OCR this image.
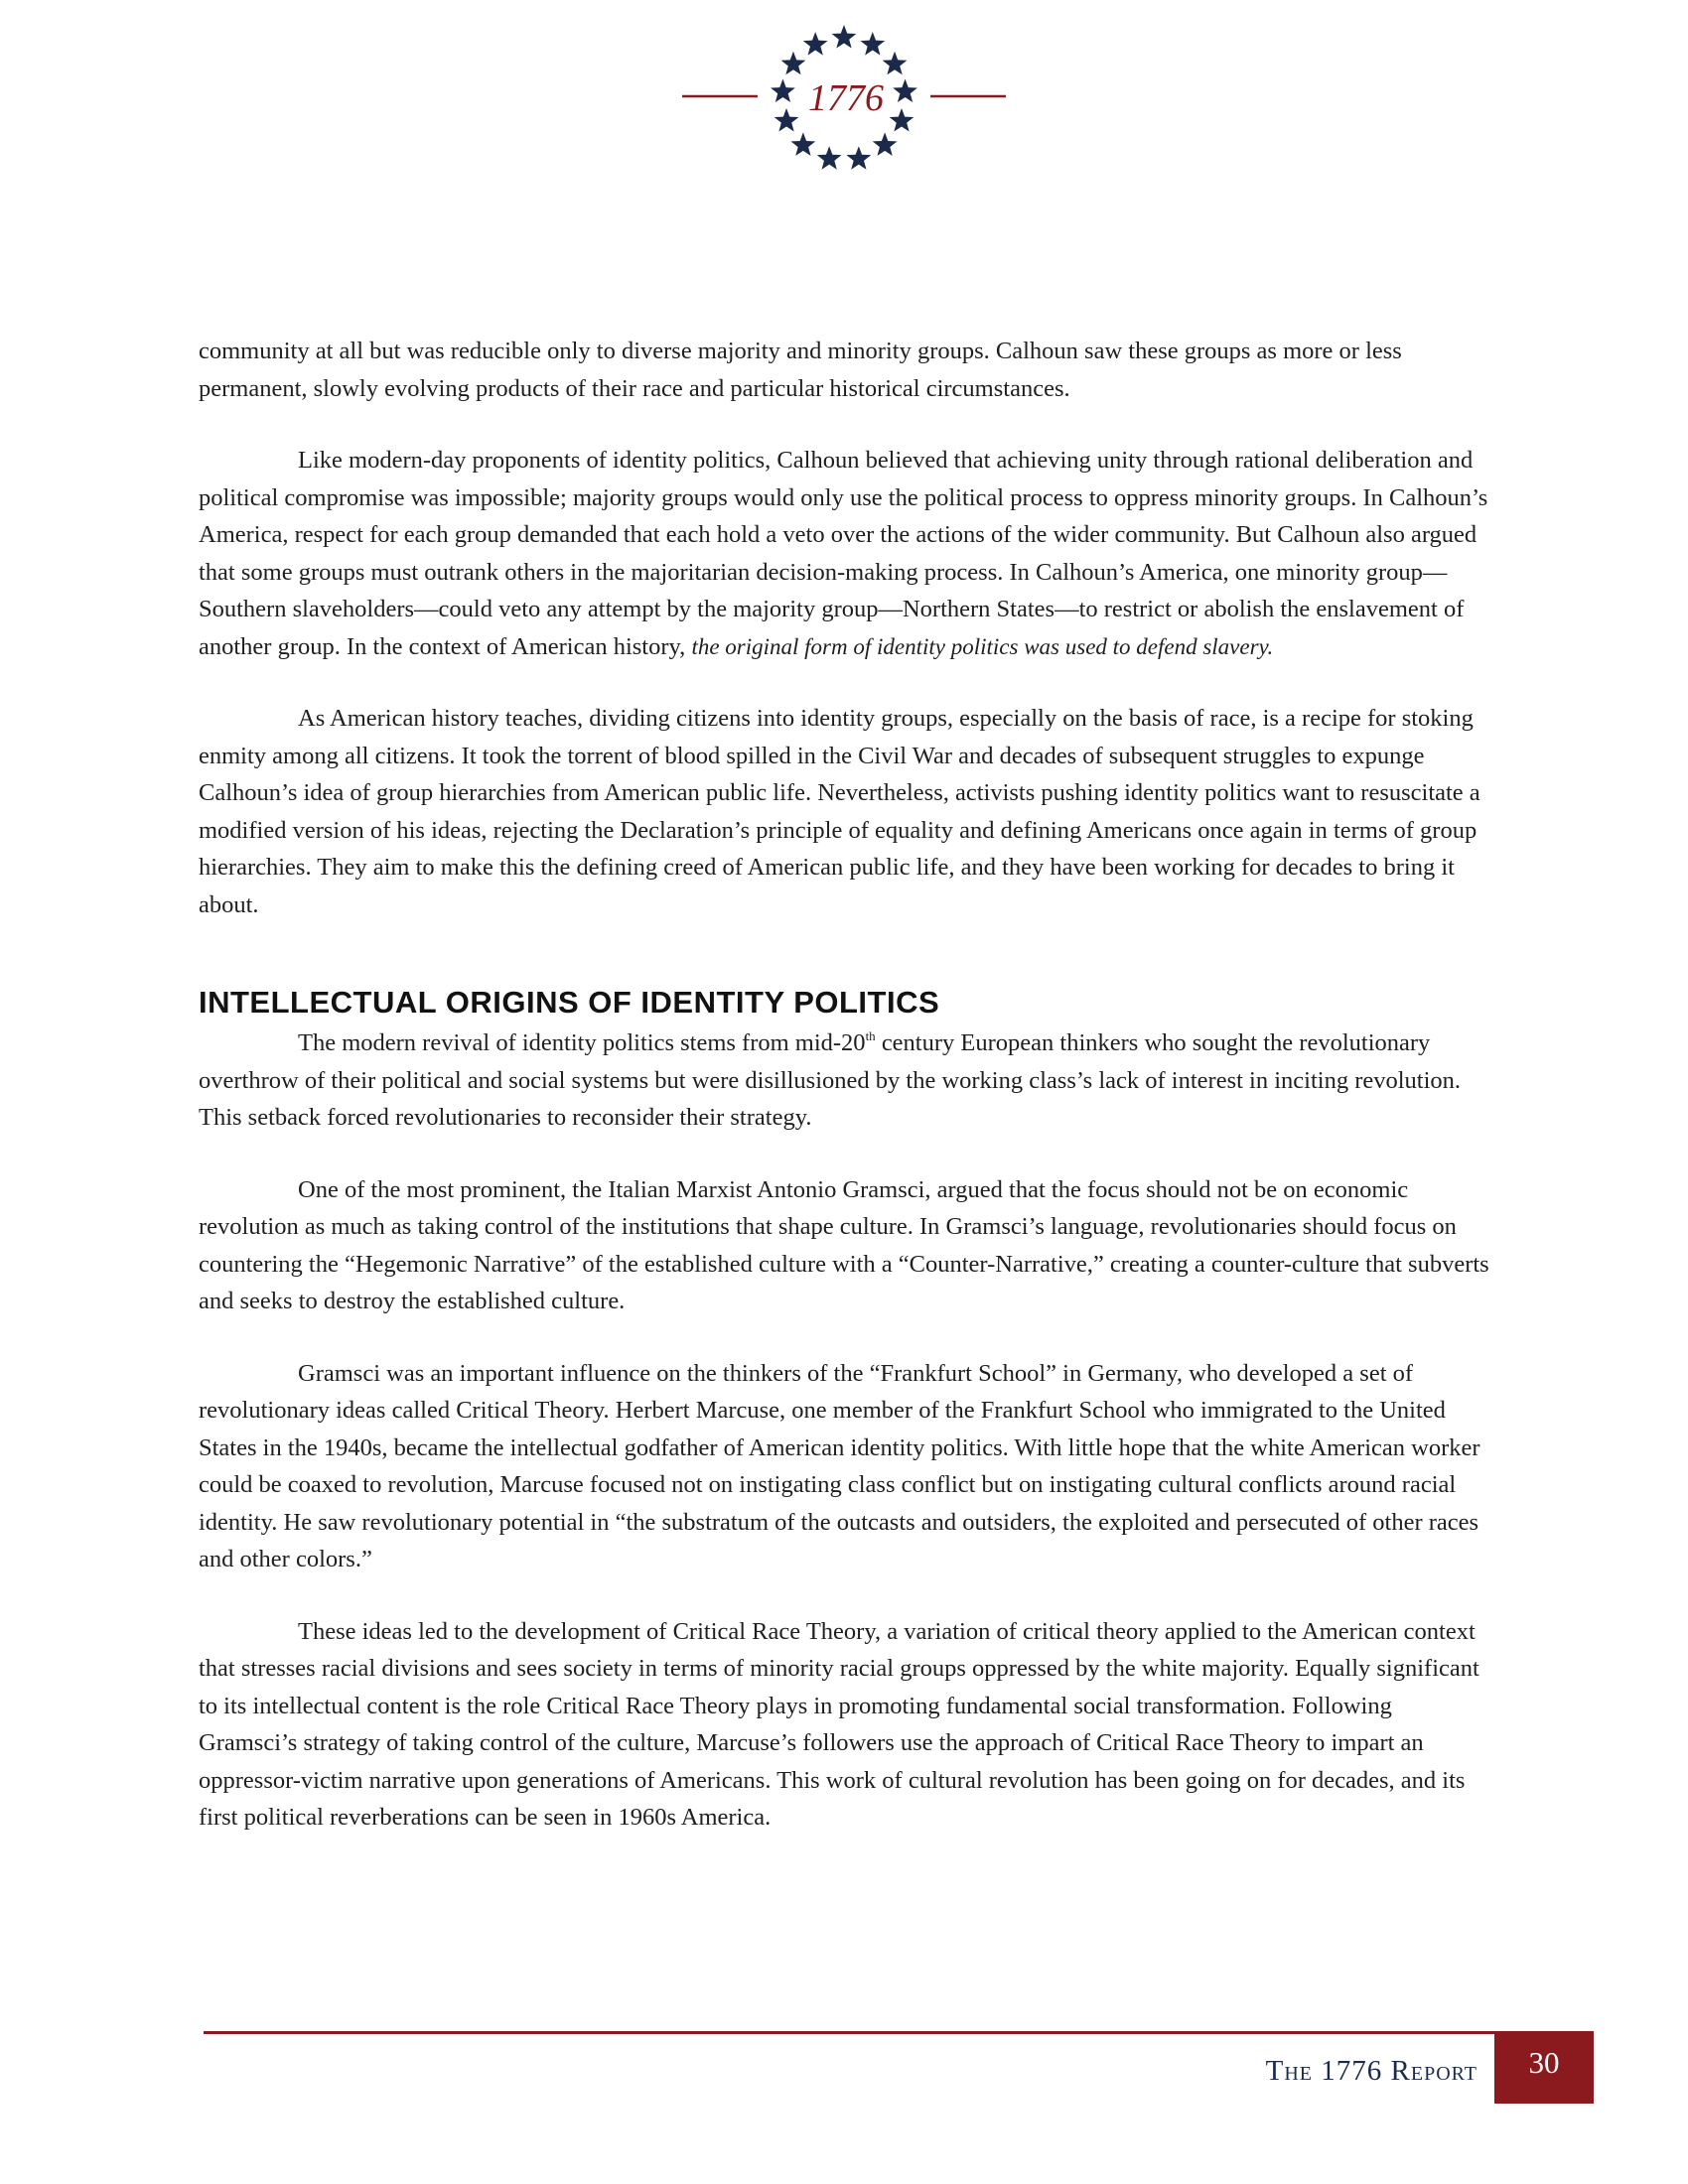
1776

community at all but was reducible only to diverse majority and minority groups. Calhoun saw these groups as more or less permanent, slowly evolving products of their race and particular historical circumstances.

Like modern-day proponents of identity politics, Calhoun believed that achieving unity through rational deliberation and political compromise was impossible; majority groups would only use the political process to oppress minority groups. In Calhoun’s America, respect for each group demanded that each hold a veto over the actions of the wider community. But Calhoun also argued that some groups must outrank others in the majoritarian decision-making process. In Calhoun’s America, one minority group—Southern slaveholders—could veto any attempt by the majority group—Northern States—to restrict or abolish the enslavement of another group. In the context of American history, the original form of identity politics was used to defend slavery.

As American history teaches, dividing citizens into identity groups, especially on the basis of race, is a recipe for stoking enmity among all citizens. It took the torrent of blood spilled in the Civil War and decades of subsequent struggles to expunge Calhoun’s idea of group hierarchies from American public life. Nevertheless, activists pushing identity politics want to resuscitate a modified version of his ideas, rejecting the Declaration’s principle of equality and defining Americans once again in terms of group hierarchies. They aim to make this the defining creed of American public life, and they have been working for decades to bring it about.

INTELLECTUAL ORIGINS OF IDENTITY POLITICS

The modern revival of identity politics stems from mid-20th century European thinkers who sought the revolutionary overthrow of their political and social systems but were disillusioned by the working class’s lack of interest in inciting revolution. This setback forced revolutionaries to reconsider their strategy.

One of the most prominent, the Italian Marxist Antonio Gramsci, argued that the focus should not be on economic revolution as much as taking control of the institutions that shape culture. In Gramsci’s language, revolutionaries should focus on countering the “Hegemonic Narrative” of the established culture with a “Counter-Narrative,” creating a counter-culture that subverts and seeks to destroy the established culture.

Gramsci was an important influence on the thinkers of the “Frankfurt School” in Germany, who developed a set of revolutionary ideas called Critical Theory. Herbert Marcuse, one member of the Frankfurt School who immigrated to the United States in the 1940s, became the intellectual godfather of American identity politics. With little hope that the white American worker could be coaxed to revolution, Marcuse focused not on instigating class conflict but on instigating cultural conflicts around racial identity. He saw revolutionary potential in “the substratum of the outcasts and outsiders, the exploited and persecuted of other races and other colors.”

These ideas led to the development of Critical Race Theory, a variation of critical theory applied to the American context that stresses racial divisions and sees society in terms of minority racial groups oppressed by the white majority. Equally significant to its intellectual content is the role Critical Race Theory plays in promoting fundamental social transformation. Following Gramsci’s strategy of taking control of the culture, Marcuse’s followers use the approach of Critical Race Theory to impart an oppressor-victim narrative upon generations of Americans. This work of cultural revolution has been going on for decades, and its first political reverberations can be seen in 1960s America.

The 1776 Report 30
